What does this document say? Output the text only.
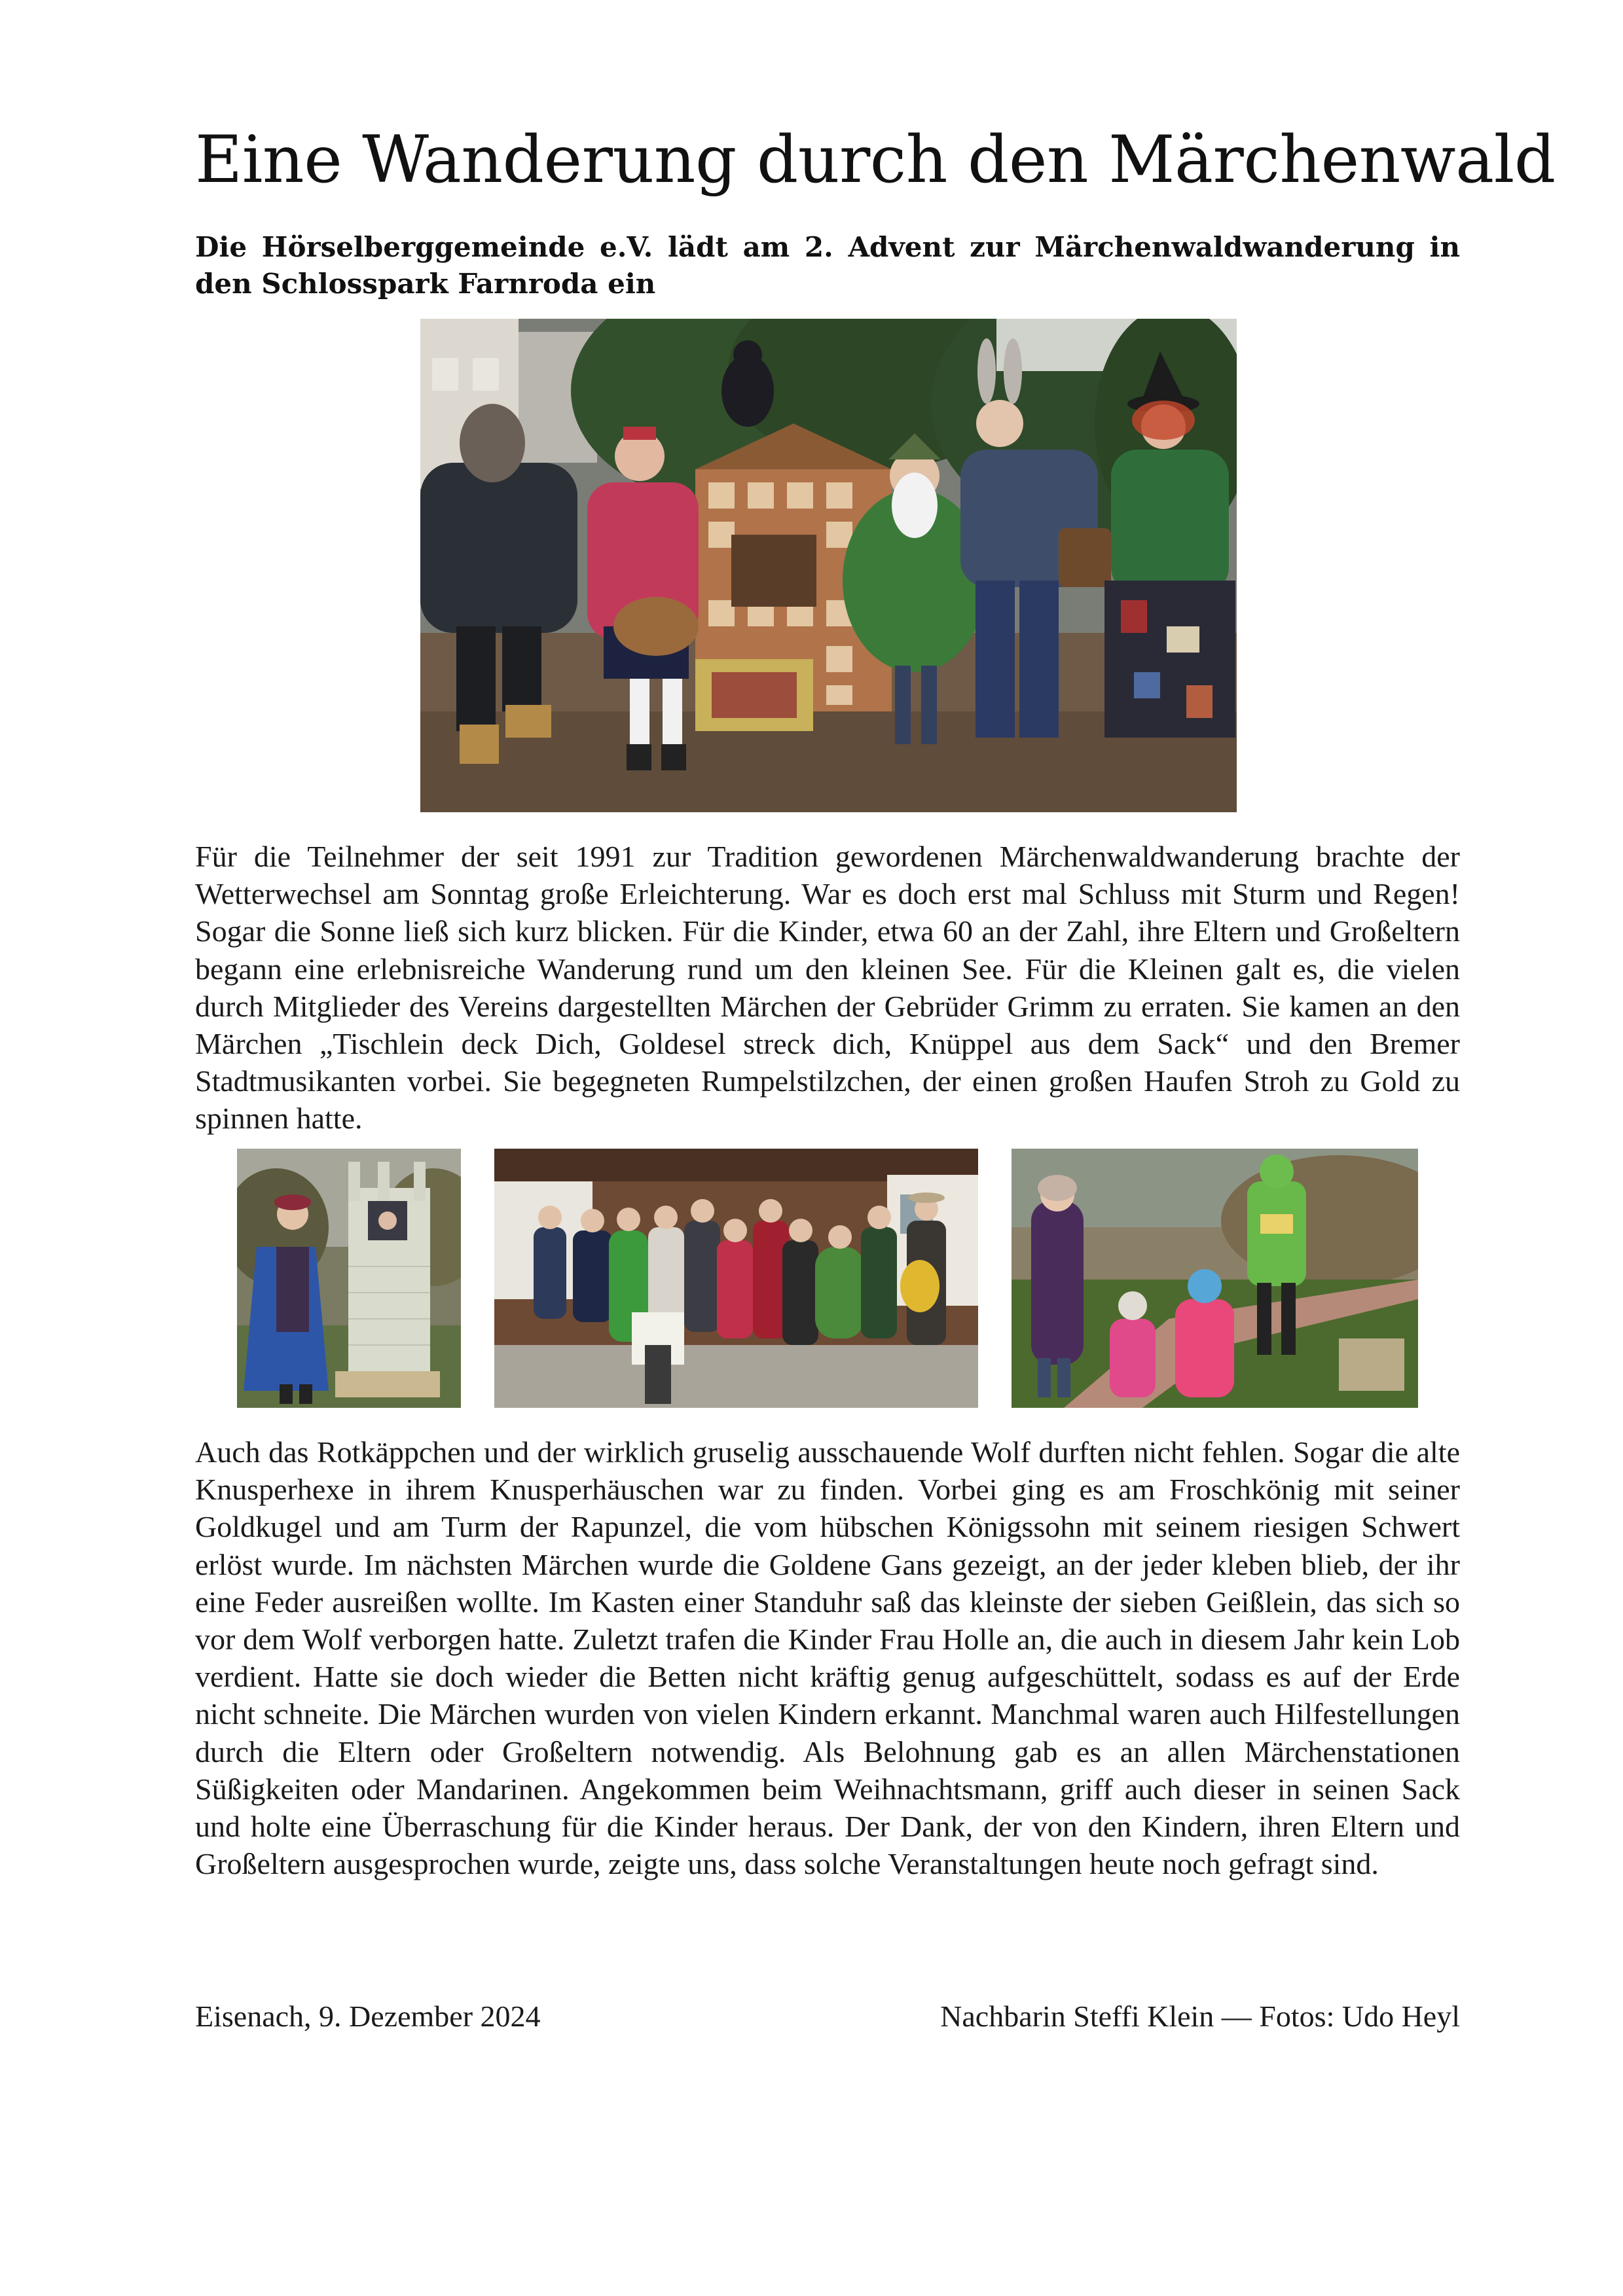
Eine Wanderung durch den Märchenwald

Die Hörselberggemeinde e.V. lädt am 2. Advent zur Märchenwaldwanderung in den Schlosspark Farnroda ein

Für die Teilnehmer der seit 1991 zur Tradition gewordenen Märchenwaldwanderung brachte der Wetterwechsel am Sonntag große Erleichterung. War es doch erst mal Schluss mit Sturm und Regen! Sogar die Sonne ließ sich kurz blicken. Für die Kinder, etwa 60 an der Zahl, ihre Eltern und Großeltern begann eine erlebnisreiche Wanderung rund um den kleinen See. Für die Kleinen galt es, die vielen durch Mitglieder des Vereins dargestellten Märchen der Gebrüder Grimm zu erraten. Sie kamen an den Märchen „Tischlein deck Dich, Goldesel streck dich, Knüppel aus dem Sack“ und den Bremer Stadtmusikanten vorbei. Sie begegneten Rumpelstilzchen, der einen großen Haufen Stroh zu Gold zu spinnen hatte.

Auch das Rotkäppchen und der wirklich gruselig ausschauende Wolf durften nicht fehlen. Sogar die alte Knusperhexe in ihrem Knusperhäuschen war zu finden. Vorbei ging es am Froschkönig mit seiner Goldkugel und am Turm der Rapunzel, die vom hübschen Königssohn mit seinem riesigen Schwert erlöst wurde. Im nächsten Märchen wurde die Goldene Gans gezeigt, an der jeder kleben blieb, der ihr eine Feder ausreißen wollte. Im Kasten einer Standuhr saß das kleinste der sieben Geißlein, das sich so vor dem Wolf verborgen hatte. Zuletzt trafen die Kinder Frau Holle an, die auch in diesem Jahr kein Lob verdient. Hatte sie doch wieder die Betten nicht kräftig genug aufgeschüttelt, sodass es auf der Erde nicht schneite. Die Märchen wurden von vielen Kindern erkannt. Manchmal waren auch Hilfestellungen durch die Eltern oder Großeltern notwendig. Als Belohnung gab es an allen Märchenstationen Süßigkeiten oder Mandarinen. Angekommen beim Weihnachtsmann, griff auch dieser in seinen Sack und holte eine Überraschung für die Kinder heraus. Der Dank, der von den Kindern, ihren Eltern und Großeltern ausgesprochen wurde, zeigte uns, dass solche Veranstaltungen heute noch gefragt sind.

Eisenach, 9. Dezember 2024	Nachbarin Steffi Klein — Fotos: Udo Heyl
